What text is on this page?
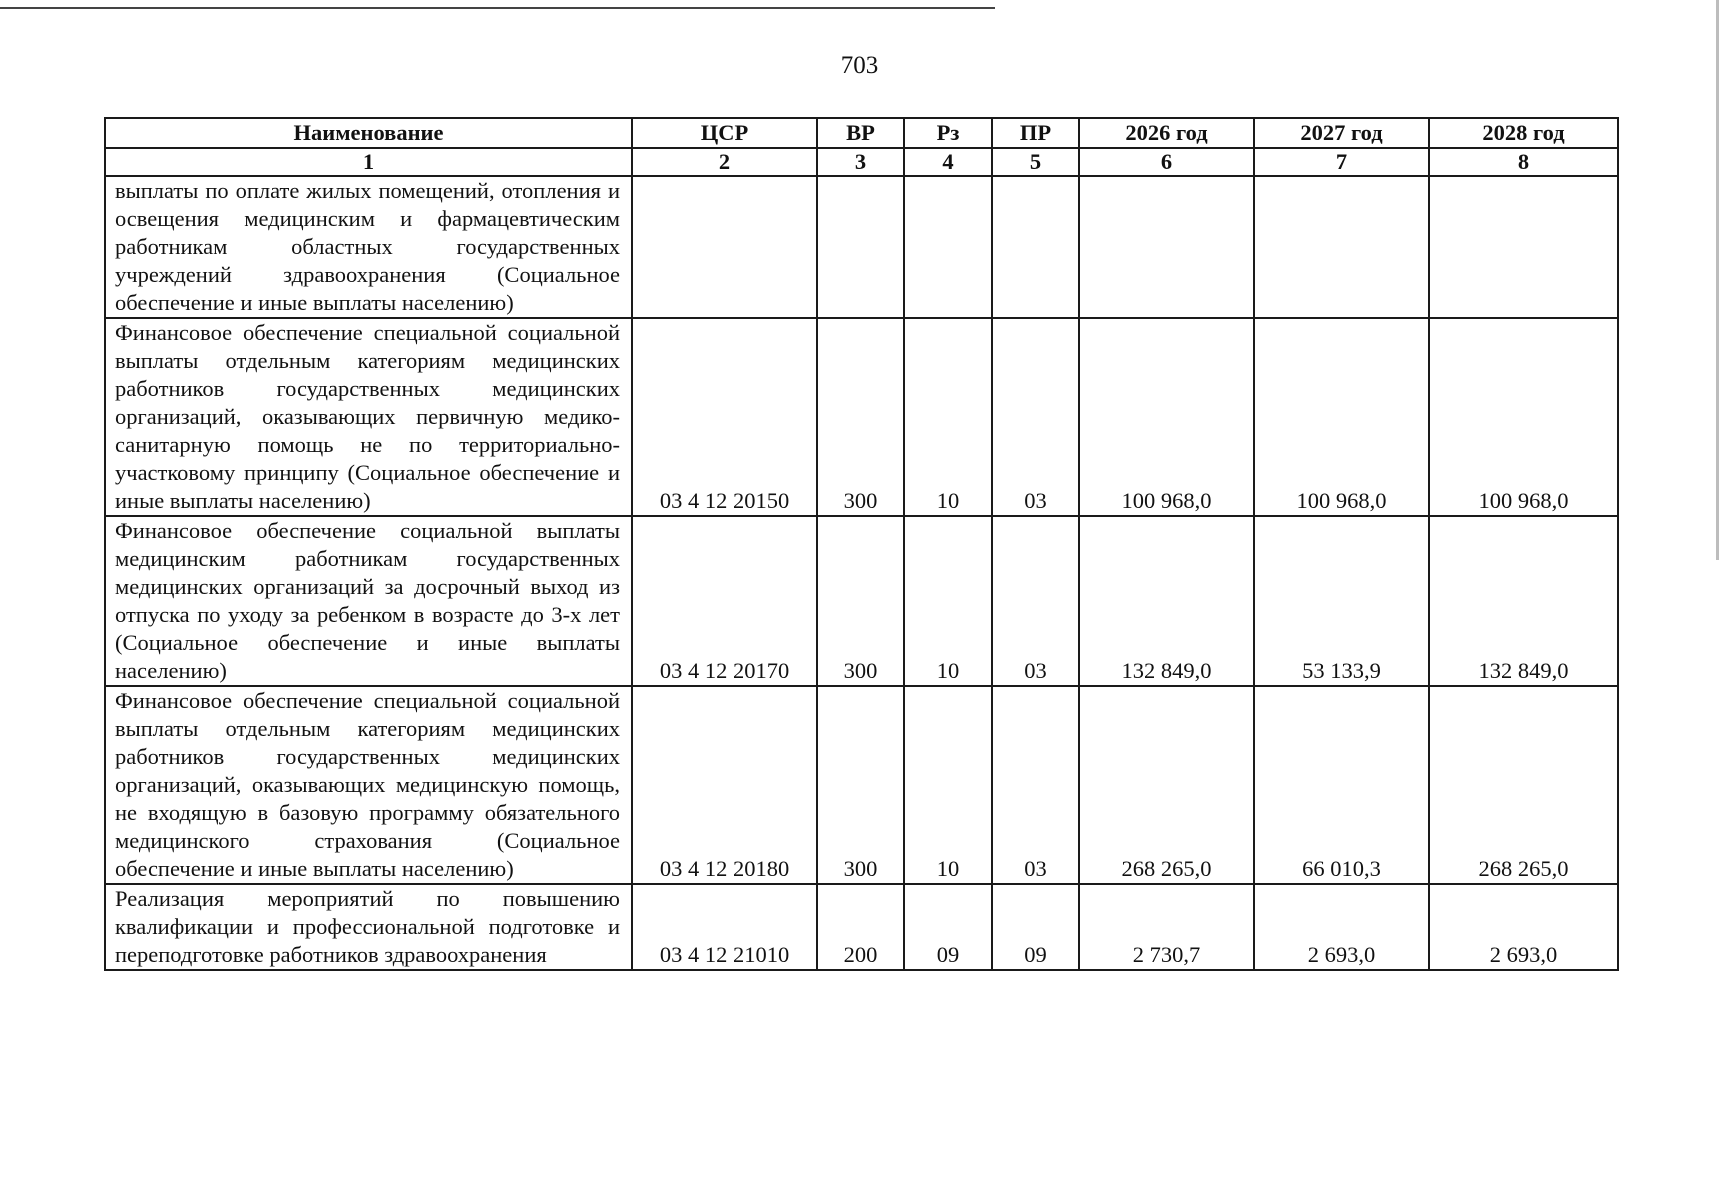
703
Наименование	ЦСР	ВР	Рз	ПР	2026 год	2027 год	2028 год
1	2	3	4	5	6	7	8
выплаты по оплате жилых помещений, отопления и освещения медицинским и фармацевтическим работникам областных государственных учреждений здравоохранения (Социальное обеспечение и иные выплаты населению)							
Финансовое обеспечение специальной социальной выплаты отдельным категориям медицинских работников государственных медицинских организаций, оказывающих первичную медико-санитарную помощь не по территориально-участковому принципу (Социальное обеспечение и иные выплаты населению)	03 4 12 20150	300	10	03	100 968,0	100 968,0	100 968,0
Финансовое обеспечение социальной выплаты медицинским работникам государственных медицинских организаций за досрочный выход из отпуска по уходу за ребенком в возрасте до 3-х лет (Социальное обеспечение и иные выплаты населению)	03 4 12 20170	300	10	03	132 849,0	53 133,9	132 849,0
Финансовое обеспечение специальной социальной выплаты отдельным категориям медицинских работников государственных медицинских организаций, оказывающих медицинскую помощь, не входящую в базовую программу обязательного медицинского страхования (Социальное обеспечение и иные выплаты населению)	03 4 12 20180	300	10	03	268 265,0	66 010,3	268 265,0
Реализация мероприятий по повышению квалификации и профессиональной подготовке и переподготовке работников здравоохранения	03 4 12 21010	200	09	09	2 730,7	2 693,0	2 693,0
